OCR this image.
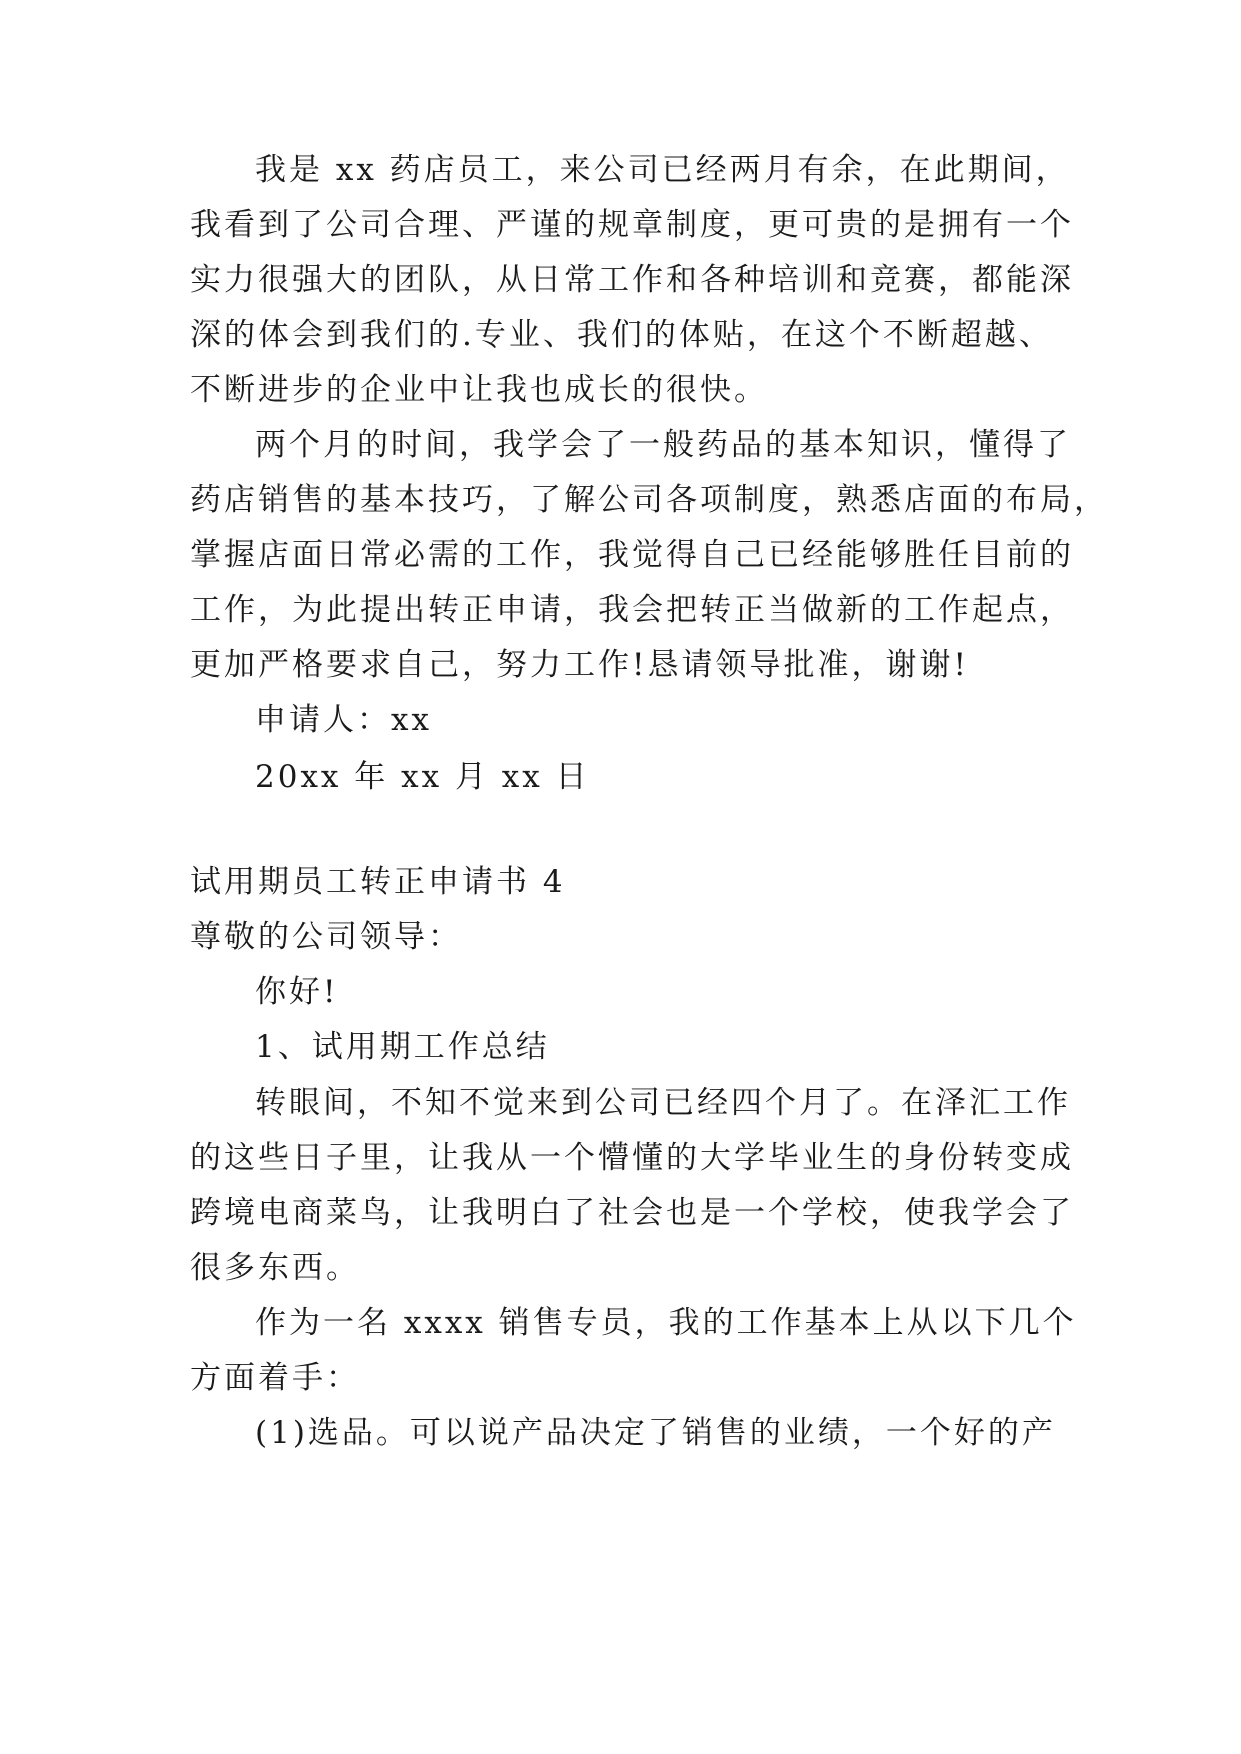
我是 xx 药店员工，来公司已经两月有余，在此期间，
我看到了公司合理、严谨的规章制度，更可贵的是拥有一个
实力很强大的团队，从日常工作和各种培训和竞赛，都能深
深的体会到我们的.专业、我们的体贴，在这个不断超越、
不断进步的企业中让我也成长的很快。
两个月的时间，我学会了一般药品的基本知识，懂得了
药店销售的基本技巧，了解公司各项制度，熟悉店面的布局，
掌握店面日常必需的工作，我觉得自己已经能够胜任目前的
工作，为此提出转正申请，我会把转正当做新的工作起点，
更加严格要求自己，努力工作!恳请领导批准，谢谢!
申请人：xx
20xx 年 xx 月 xx 日
试用期员工转正申请书 4
尊敬的公司领导：
你好!
1、试用期工作总结
转眼间，不知不觉来到公司已经四个月了。在泽汇工作
的这些日子里，让我从一个懵懂的大学毕业生的身份转变成
跨境电商菜鸟，让我明白了社会也是一个学校，使我学会了
很多东西。
作为一名 xxxx 销售专员，我的工作基本上从以下几个
方面着手：
(1)选品。可以说产品决定了销售的业绩，一个好的产
